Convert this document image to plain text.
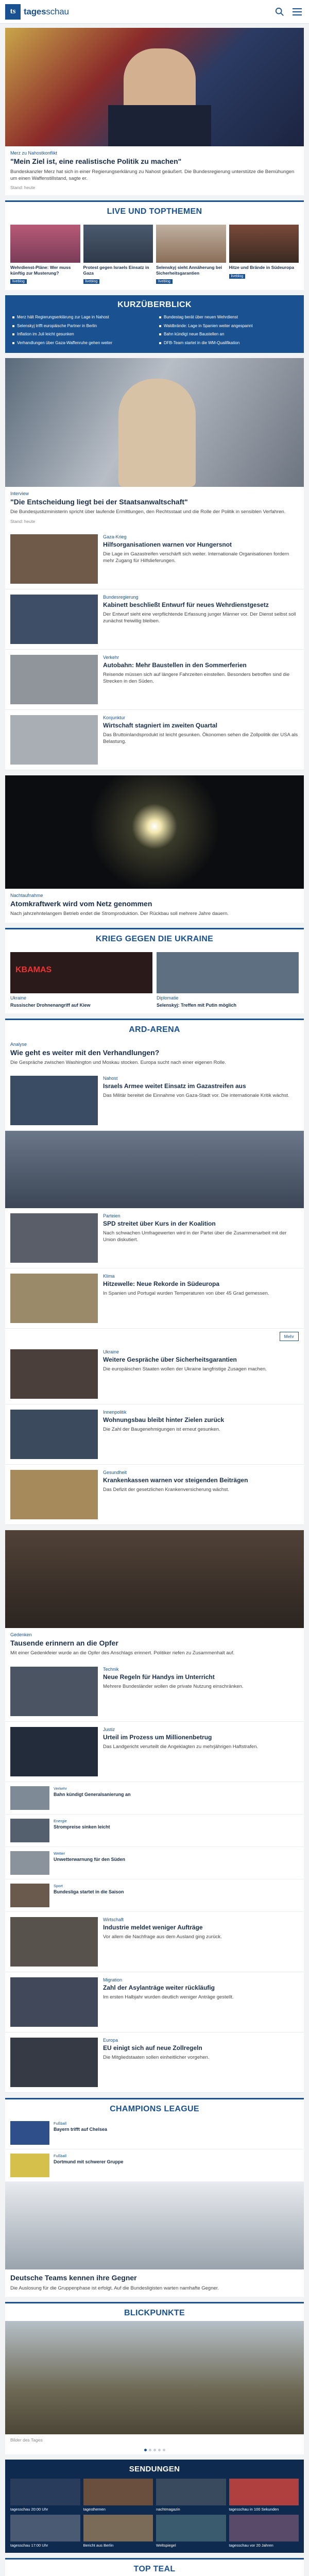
ts tagesschau
Merz zu Nahostkonflikt
"Mein Ziel ist, eine realistische Politik zu machen"
Bundeskanzler Merz hat sich in einer Regierungserklärung zu Nahost geäußert. Die Bundesregierung unterstütze die Bemühungen um einen Waffenstillstand, sagte er.
Stand: heute
LIVE UND TOPTHEMEN
Wehrdienst-Pläne: Wer muss künftig zur Musterung?
liveblog
Protest gegen Israels Einsatz in Gaza
liveblog
Selenskyj sieht Annäherung bei Sicherheitsgarantien
liveblog
Hitze und Brände in Südeuropa
liveblog
KURZÜBERBLICK
Merz hält Regierungserklärung zur Lage in Nahost	Bundestag berät über neuen Wehrdienst
Selenskyj trifft europäische Partner in Berlin	Waldbrände: Lage in Spanien weiter angespannt
Inflation im Juli leicht gesunken	Bahn kündigt neue Baustellen an
Verhandlungen über Gaza-Waffenruhe gehen weiter	DFB-Team startet in die WM-Qualifikation
Interview
"Die Entscheidung liegt bei der Staatsanwaltschaft"
Die Bundesjustizministerin spricht über laufende Ermittlungen, den Rechtsstaat und die Rolle der Politik in sensiblen Verfahren.
Stand: heute
Gaza-Krieg
Hilfsorganisationen warnen vor Hungersnot
Die Lage im Gazastreifen verschärft sich weiter. Internationale Organisationen fordern mehr Zugang für Hilfslieferungen.
Bundesregierung
Kabinett beschließt Entwurf für neues Wehrdienstgesetz
Der Entwurf sieht eine verpflichtende Erfassung junger Männer vor. Der Dienst selbst soll zunächst freiwillig bleiben.
Verkehr
Autobahn: Mehr Baustellen in den Sommerferien
Reisende müssen sich auf längere Fahrzeiten einstellen. Besonders betroffen sind die Strecken in den Süden.
Konjunktur
Wirtschaft stagniert im zweiten Quartal
Das Bruttoinlandsprodukt ist leicht gesunken. Ökonomen sehen die Zollpolitik der USA als Belastung.
Nachtaufnahme
Atomkraftwerk wird vom Netz genommen
Nach jahrzehntelangem Betrieb endet die Stromproduktion. Der Rückbau soll mehrere Jahre dauern.
KRIEG GEGEN DIE UKRAINE
KBAMAS
Ukraine
Russischer Drohnenangriff auf Kiew
Diplomatie
Selenskyj: Treffen mit Putin möglich
ARD-ARENA
Analyse
Wie geht es weiter mit den Verhandlungen?
Die Gespräche zwischen Washington und Moskau stocken. Europa sucht nach einer eigenen Rolle.
Nahost
Israels Armee weitet Einsatz im Gazastreifen aus
Das Militär bereitet die Einnahme von Gaza-Stadt vor. Die internationale Kritik wächst.
Parteien
SPD streitet über Kurs in der Koalition
Nach schwachen Umfragewerten wird in der Partei über die Zusammenarbeit mit der Union diskutiert.
Klima
Hitzewelle: Neue Rekorde in Südeuropa
In Spanien und Portugal wurden Temperaturen von über 45 Grad gemessen.
Mehr
Ukraine
Weitere Gespräche über Sicherheitsgarantien
Die europäischen Staaten wollen der Ukraine langfristige Zusagen machen.
Innenpolitik
Wohnungsbau bleibt hinter Zielen zurück
Die Zahl der Baugenehmigungen ist erneut gesunken.
Gesundheit
Krankenkassen warnen vor steigenden Beiträgen
Das Defizit der gesetzlichen Krankenversicherung wächst.
Gedenken
Tausende erinnern an die Opfer
Mit einer Gedenkfeier wurde an die Opfer des Anschlags erinnert. Politiker riefen zu Zusammenhalt auf.
Technik
Neue Regeln für Handys im Unterricht
Mehrere Bundesländer wollen die private Nutzung einschränken.
Justiz
Urteil im Prozess um Millionenbetrug
Das Landgericht verurteilt die Angeklagten zu mehrjährigen Haftstrafen.
Verkehr
Bahn kündigt Generalsanierung an
Energie
Strompreise sinken leicht
Wetter
Unwetterwarnung für den Süden
Sport
Bundesliga startet in die Saison
Wirtschaft
Industrie meldet weniger Aufträge
Vor allem die Nachfrage aus dem Ausland ging zurück.
Migration
Zahl der Asylanträge weiter rückläufig
Im ersten Halbjahr wurden deutlich weniger Anträge gestellt.
Europa
EU einigt sich auf neue Zollregeln
Die Mitgliedstaaten sollen einheitlicher vorgehen.
CHAMPIONS LEAGUE
Fußball
Bayern trifft auf Chelsea
Fußball
Dortmund mit schwerer Gruppe
Deutsche Teams kennen ihre Gegner
Die Auslosung für die Gruppenphase ist erfolgt. Auf die Bundesligisten warten namhafte Gegner.
BLICKPUNKTE
Bilder des Tages
SENDUNGEN
tagesschau 20:00 Uhr	tagesthemen	nachtmagazin	tagesschau in 100 Sekunden
tagesschau 17:00 Uhr	Bericht aus Berlin	Weltspiegel	tagesschau vor 20 Jahren
TOP TEAL
